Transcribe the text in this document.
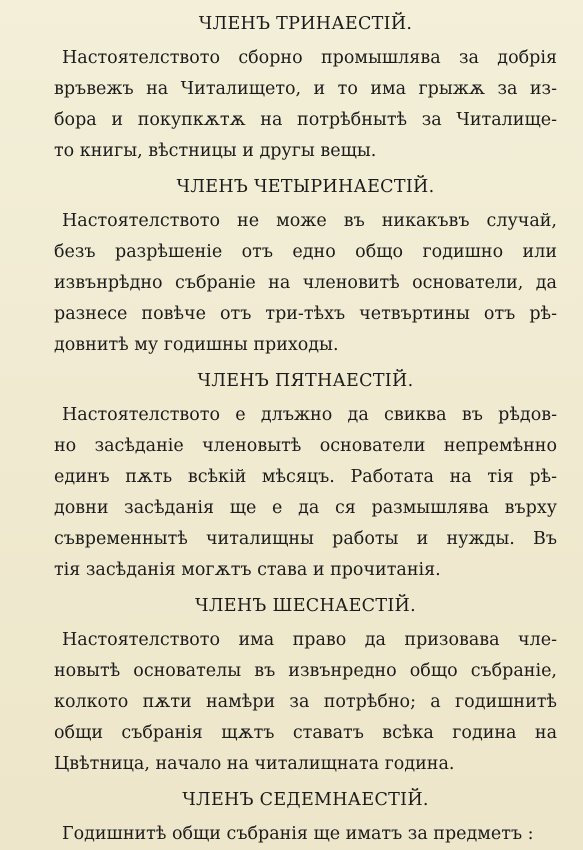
ЧЛЕНЪ ТРИНАЕСТІЙ.

Настоятелството сборно промышлява за добрія
връвежъ на Читалището, и то има грыжѫ за из-
бора и покупкѫтѫ на потрѣбнытѣ за Читалище-
то книгы, вѣстницы и другы вещы.

ЧЛЕНЪ ЧЕТЫРИНАЕСТІЙ.

Настоятелството не може въ никакъвъ случай,
безъ разрѣшеніе отъ едно общо годишно или
извънрѣдно събраніе на членовитѣ основатели, да
разнесе повѣче отъ три-тѣхъ четвъртины отъ рѣ-
довнитѣ му годишны приходы.

ЧЛЕНЪ ПЯТНАЕСТІЙ.

Настоятелството е длъжно да свиква въ рѣдов-
но засѣданіе членовытѣ основатели непремѣнно
единъ пѫть всѣкій мѣсяцъ. Работата на тія рѣ-
довни засѣданія ще е да ся размышлява върху
съвременнытѣ читалищны работы и нужды. Въ
тія засѣданія могѫтъ става и прочитанія.

ЧЛЕНЪ ШЕСНАЕСТІЙ.

Настоятелството има право да призовава чле-
новытѣ основателы въ извънредно общо събраніе,
колкото пѫти намѣри за потрѣбно; а годишнитѣ
общи събранія щѫтъ ставатъ всѣка година на
Цвѣтница, начало на читалищната година.

ЧЛЕНЪ СЕДЕМНАЕСТІЙ.

Годишнитѣ общи събранія ще иматъ за предметъ :
